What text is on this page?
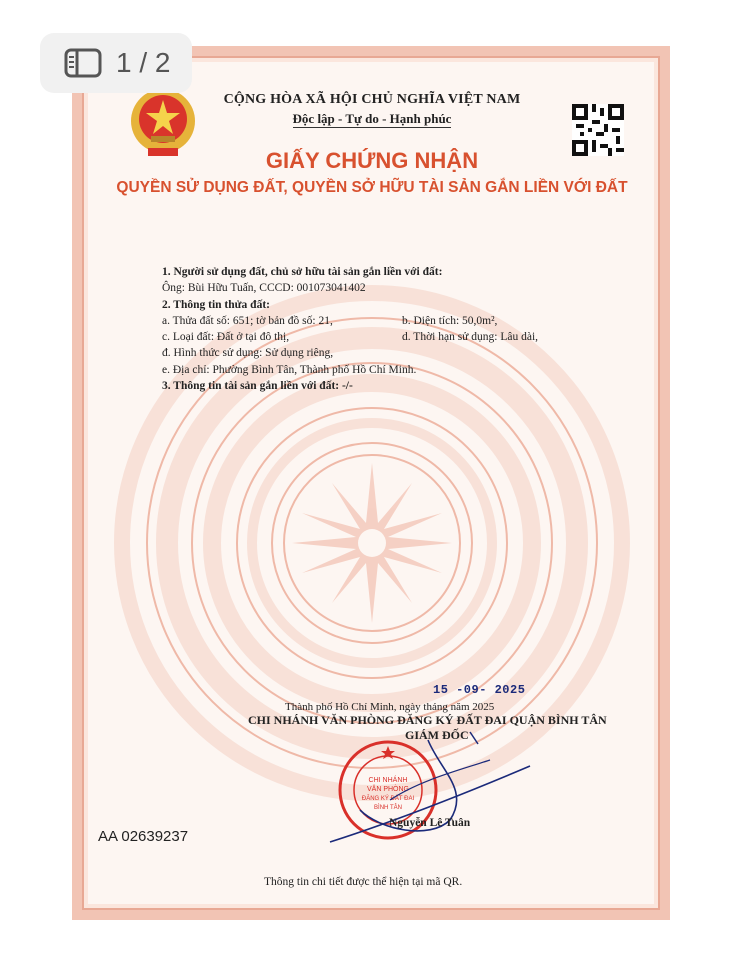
1 / 2
CỘNG HÒA XÃ HỘI CHỦ NGHĨA VIỆT NAM
Độc lập - Tự do - Hạnh phúc
GIẤY CHỨNG NHẬN
QUYỀN SỬ DỤNG ĐẤT, QUYỀN SỞ HỮU TÀI SẢN GẮN LIỀN VỚI ĐẤT
1. Người sử dụng đất, chủ sở hữu tài sản gắn liền với đất:
Ông: Bùi Hữu Tuấn, CCCD: 001073041402
2. Thông tin thửa đất:
a. Thửa đất số: 651; tờ bản đồ số: 21,	b. Diện tích: 50,0m²,
c. Loại đất: Đất ở tại đô thị,	d. Thời hạn sử dụng: Lâu dài,
đ. Hình thức sử dụng: Sử dụng riêng,
e. Địa chỉ: Phường Bình Tân, Thành phố Hồ Chí Minh.
3. Thông tin tài sản gắn liền với đất: -/-
15 -09- 2025
Thành phố Hồ Chí Minh, ngày tháng năm 2025
CHI NHÁNH VĂN PHÒNG ĐĂNG KÝ ĐẤT ĐAI QUẬN BÌNH TÂN
GIÁM ĐỐC
CHI NHÁNH
VĂN PHÒNG
ĐĂNG KÝ ĐẤT ĐAI
BÌNH TÂN
Nguyễn Lê Tuân
AA 02639237
Thông tin chi tiết được thể hiện tại mã QR.
